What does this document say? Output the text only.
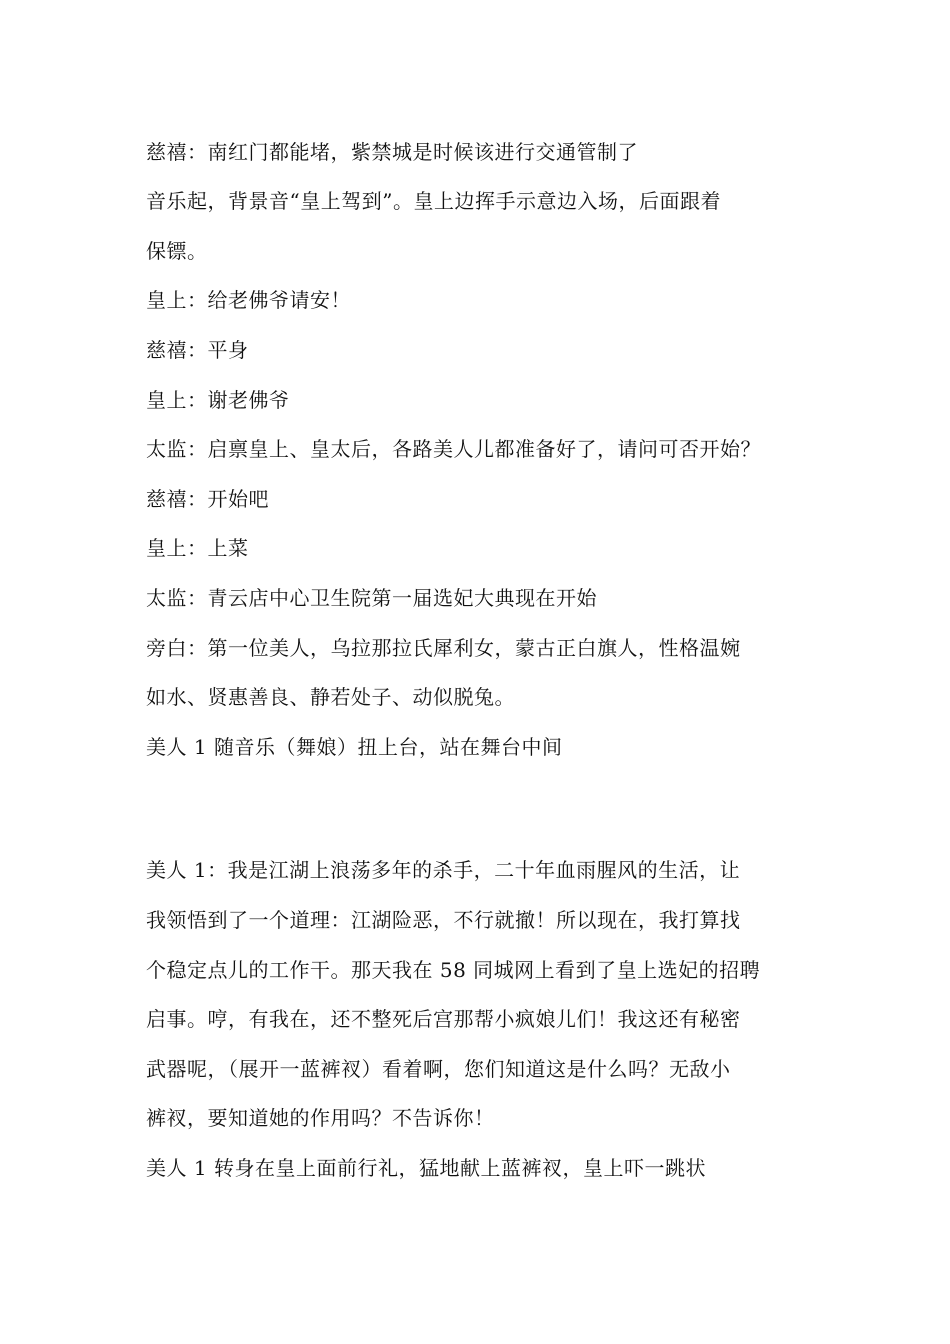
慈禧：南红门都能堵，紫禁城是时候该进行交通管制了
音乐起，背景音“皇上驾到”。皇上边挥手示意边入场，后面跟着
保镖。
皇上：给老佛爷请安！
慈禧：平身
皇上：谢老佛爷
太监：启禀皇上、皇太后，各路美人儿都准备好了，请问可否开始？
慈禧：开始吧
皇上：上菜
太监：青云店中心卫生院第一届选妃大典现在开始
旁白：第一位美人，乌拉那拉氏犀利女，蒙古正白旗人，性格温婉
如水、贤惠善良、静若处子、动似脱兔。
美人 1 随音乐（舞娘）扭上台，站在舞台中间
美人 1：我是江湖上浪荡多年的杀手，二十年血雨腥风的生活，让
我领悟到了一个道理：江湖险恶，不行就撤！所以现在，我打算找
个稳定点儿的工作干。那天我在 58 同城网上看到了皇上选妃的招聘
启事。哼，有我在，还不整死后宫那帮小疯娘儿们！我这还有秘密
武器呢，（展开一蓝裤衩）看着啊，您们知道这是什么吗？无敌小
裤衩，要知道她的作用吗？不告诉你！
美人 1 转身在皇上面前行礼，猛地献上蓝裤衩，皇上吓一跳状
